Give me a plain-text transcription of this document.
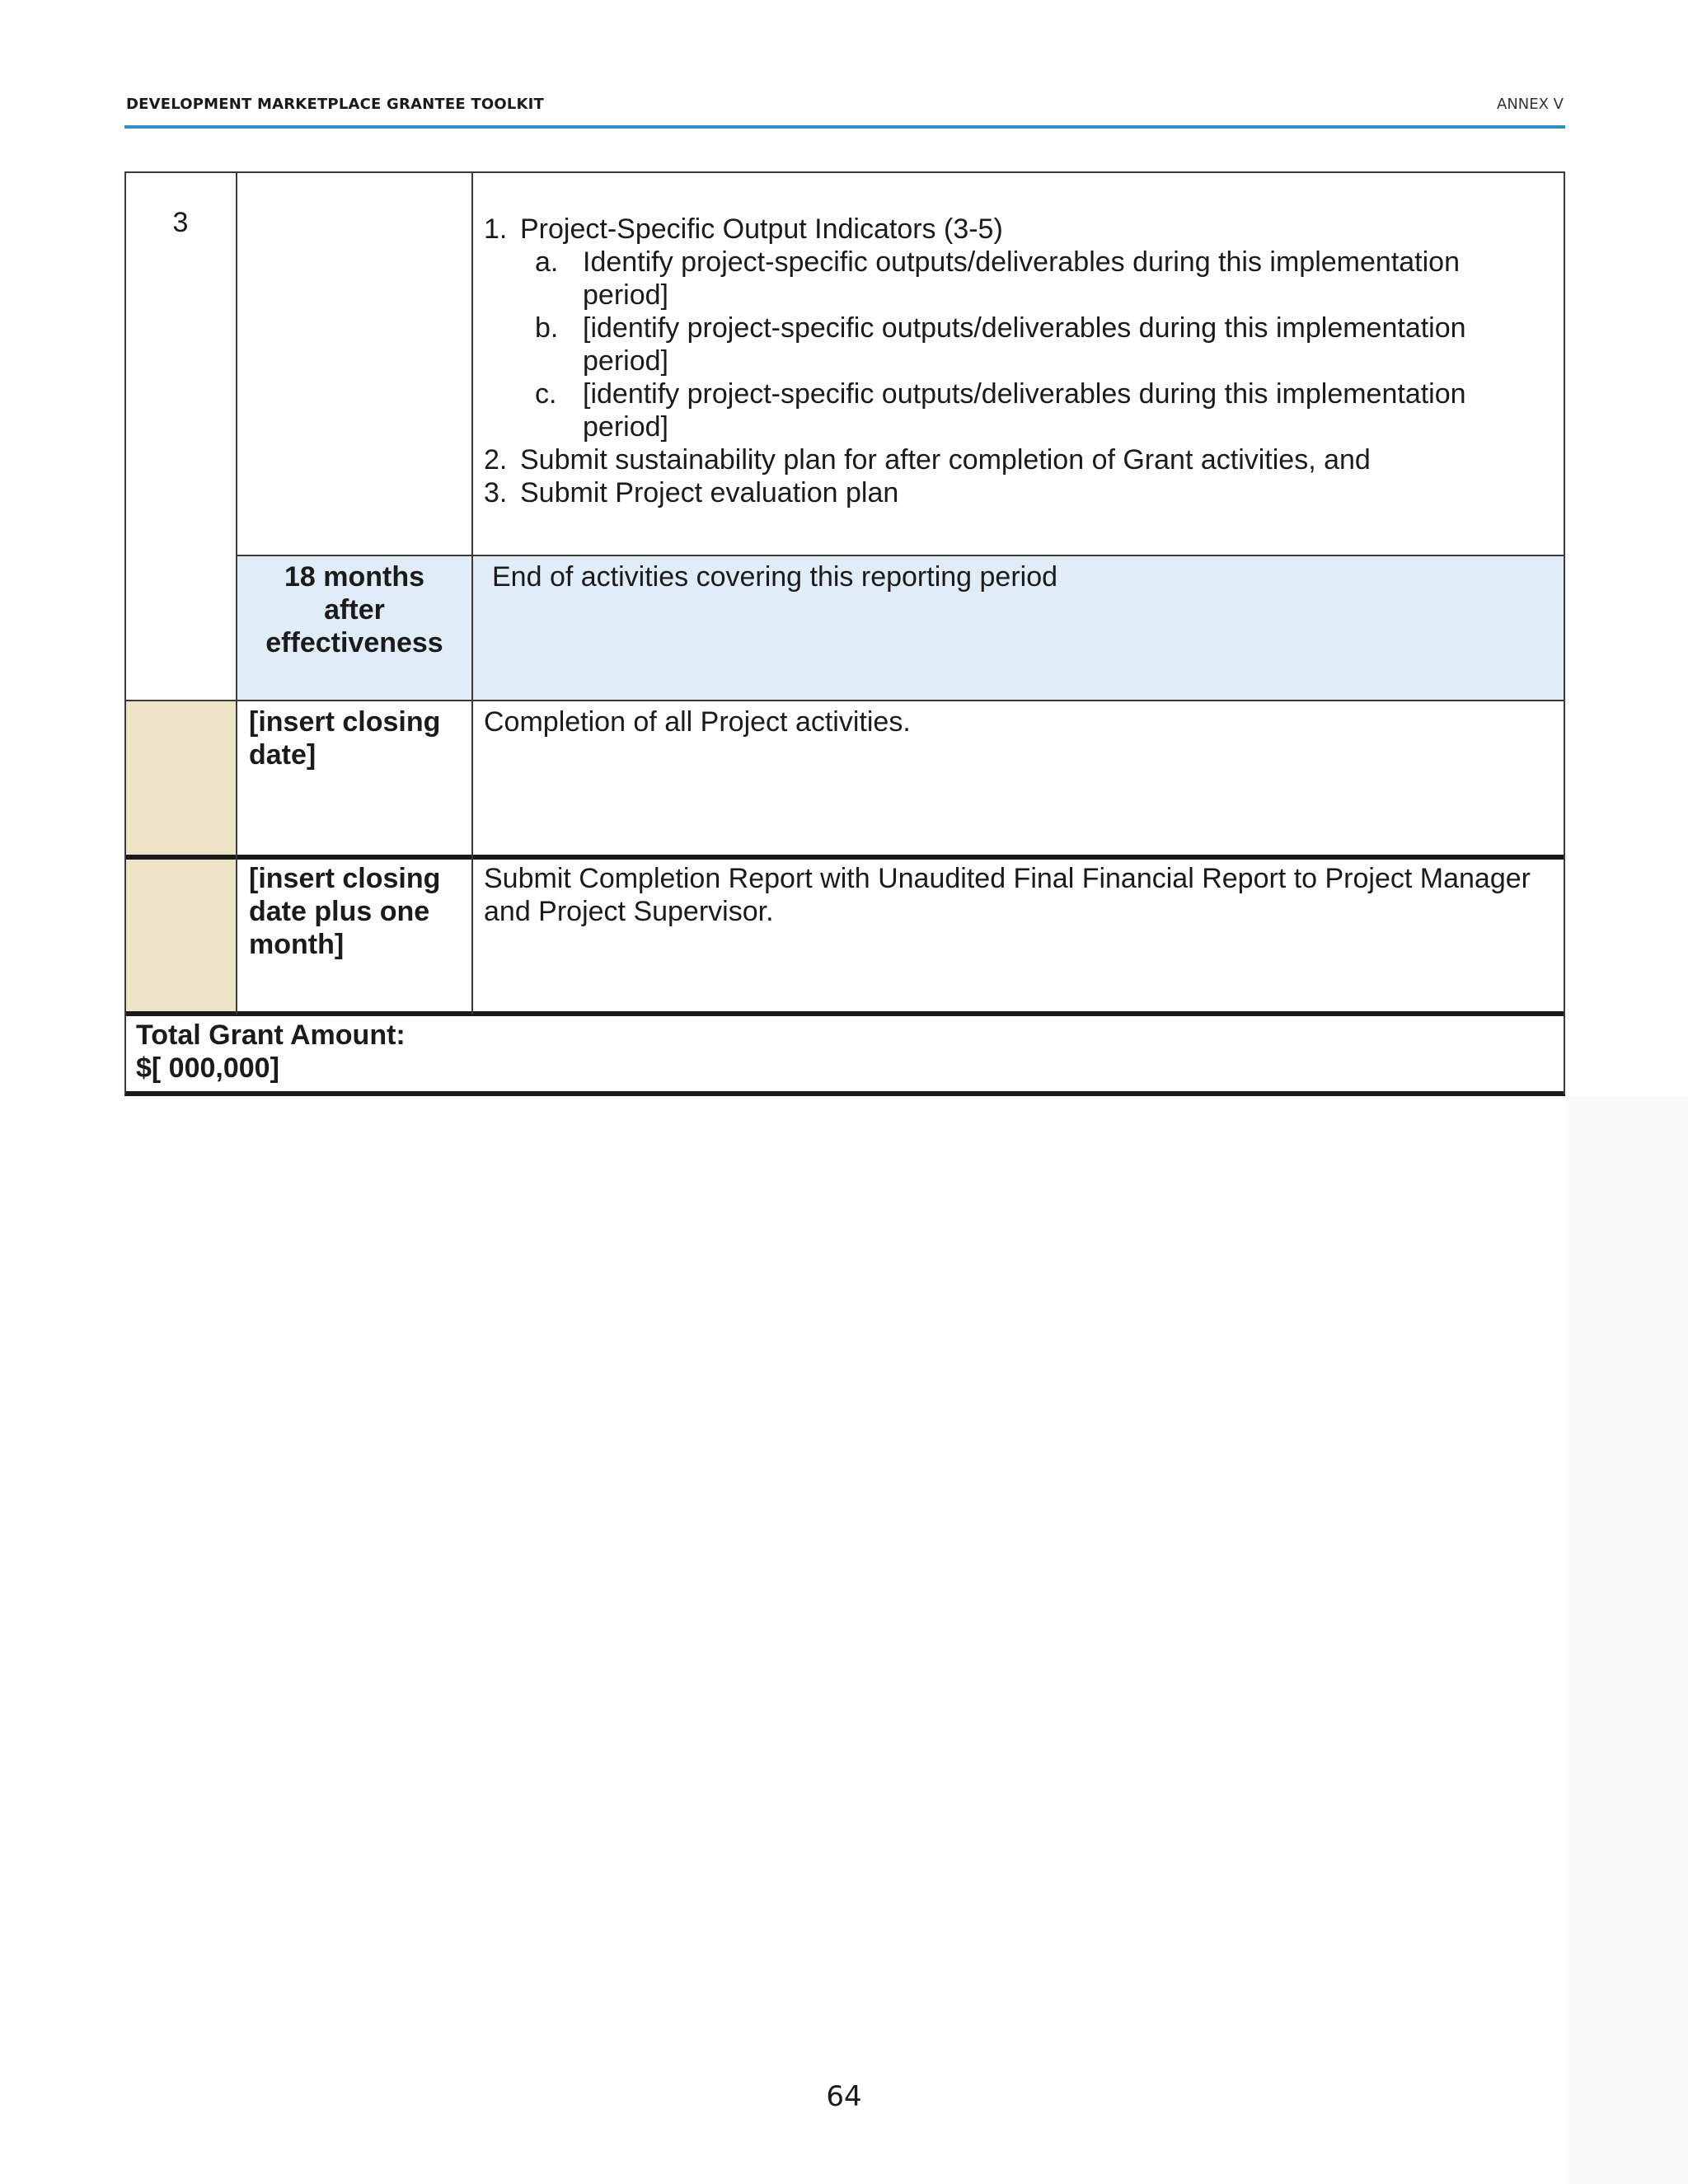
DEVELOPMENT MARKETPLACE GRANTEE TOOLKIT	ANNEX V
3	1. Project-Specific Output Indicators (3-5)
a. Identify project-specific outputs/deliverables during this implementation
period]
b. [identify project-specific outputs/deliverables during this implementation
period]
c. [identify project-specific outputs/deliverables during this implementation
period]
2. Submit sustainability plan for after completion of Grant activities, and
3. Submit Project evaluation plan
18 months
after
effectiveness
End of activities covering this reporting period
[insert closing
date]
Completion of all Project activities.
[insert closing
date plus one
month]
Submit Completion Report with Unaudited Final Financial Report to Project Manager
and Project Supervisor.
Total Grant Amount:
$[ 000,000]
64
